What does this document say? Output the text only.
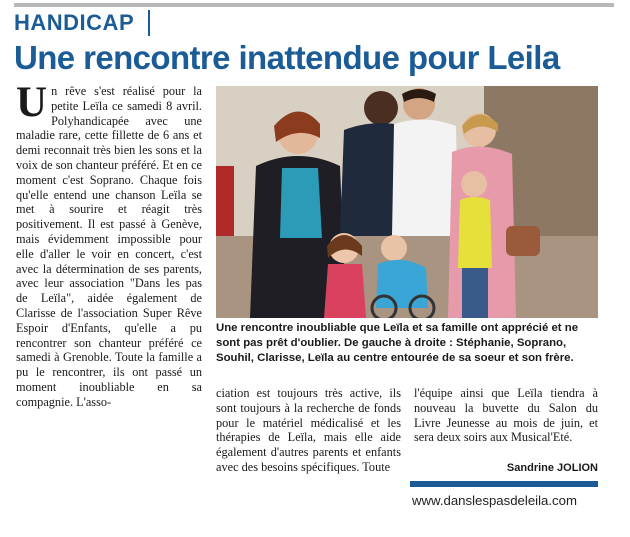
HANDICAP
Une rencontre inattendue pour Leila
Un rêve s'est réalisé pour la petite Leïla ce samedi 8 avril. Polyhandicapée avec une maladie rare, cette fillette de 6 ans et demi reconnait très bien les sons et la voix de son chanteur préféré. Et en ce moment c'est Soprano. Chaque fois qu'elle entend une chanson Leïla se met à sourire et réagit très positivement. Il est passé à Genève, mais évidemment impossible pour elle d'aller le voir en concert, c'est avec la détermination de ses parents, avec leur association "Dans les pas de Leïla", aidée également de Clarisse de l'association Super Rêve Espoir d'Enfants, qu'elle a pu rencontrer son chanteur préféré ce samedi à Grenoble. Toute la famille a pu le rencontrer, ils ont passé un moment inoubliable en sa compagnie. L'asso-
Une rencontre inoubliable que Leïla et sa famille ont apprécié et ne sont pas prêt d'oublier. De gauche à droite : Stéphanie, Soprano, Souhil, Clarisse, Leïla au centre entourée de sa soeur et son frère.
ciation est toujours très active, ils sont toujours à la recherche de fonds pour le matériel médicalisé et les thérapies de Leïla, mais elle aide également d'autres parents et enfants avec des besoins spécifiques. Toute
l'équipe ainsi que Leïla tiendra à nouveau la buvette du Salon du Livre Jeunesse au mois de juin, et sera deux soirs aux Musical'Eté.
Sandrine JOLION
www.danslespasdeleila.com
